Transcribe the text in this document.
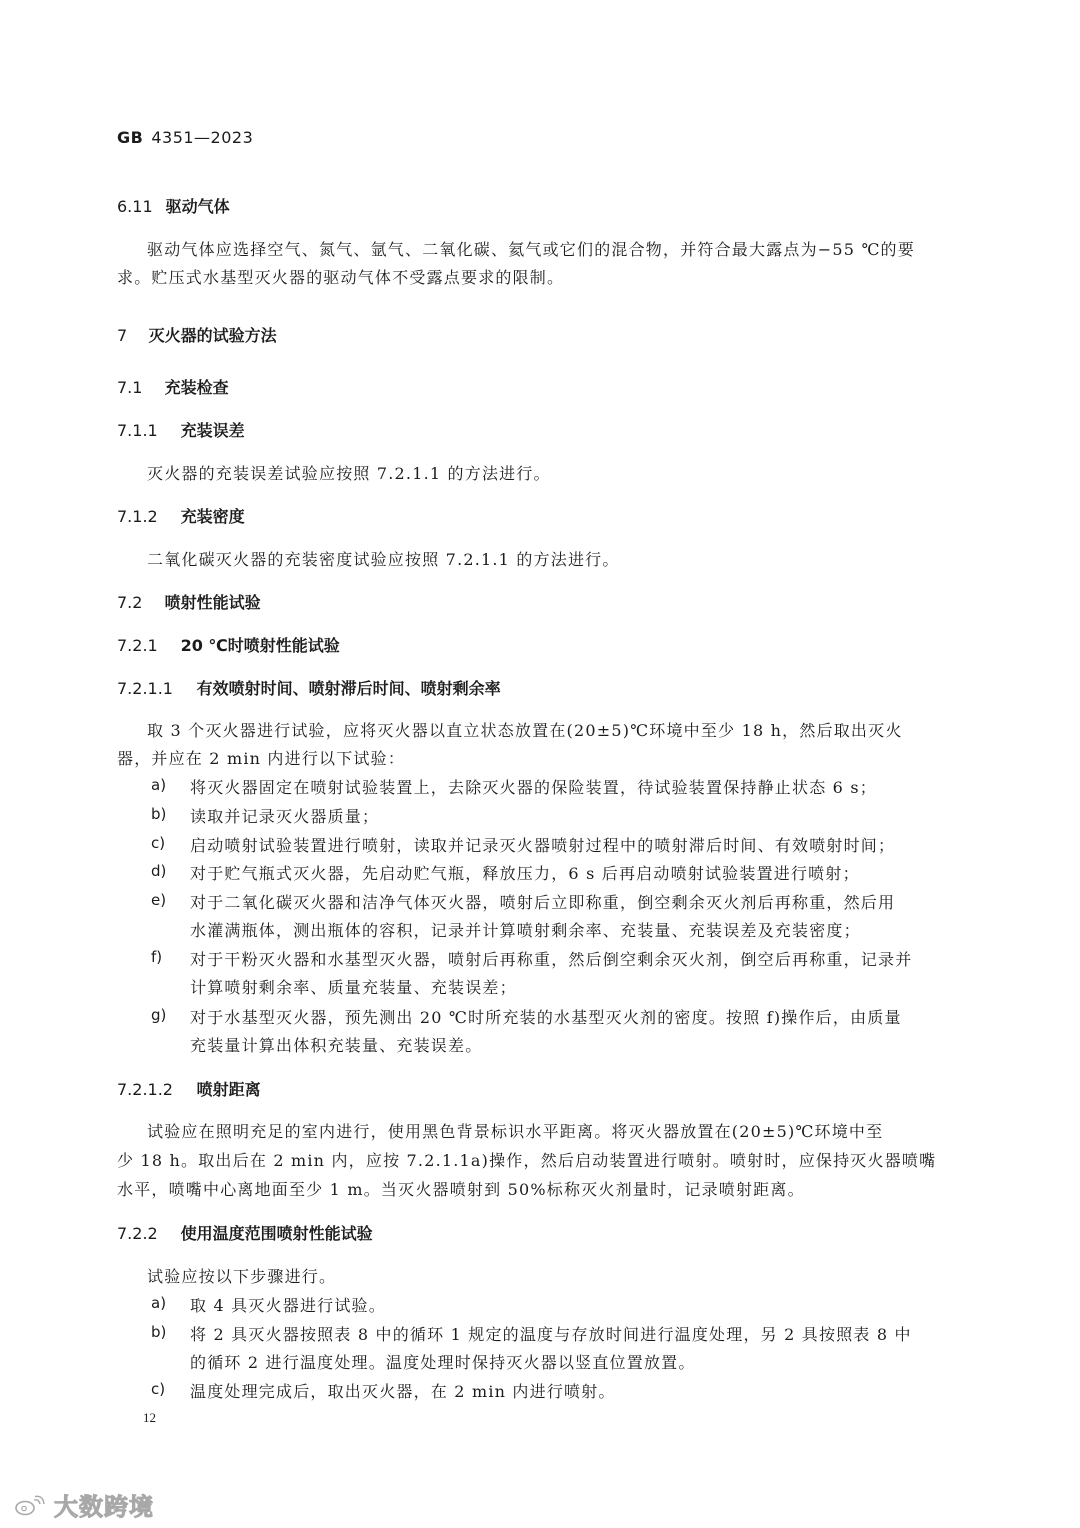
GB 4351—2023
6.11 驱动气体
驱动气体应选择空气、氮气、氩气、二氧化碳、氦气或它们的混合物，并符合最大露点为−55 ℃的要
求。贮压式水基型灭火器的驱动气体不受露点要求的限制。
7 灭火器的试验方法
7.1 充装检查
7.1.1 充装误差
灭火器的充装误差试验应按照 7.2.1.1 的方法进行。
7.1.2 充装密度
二氧化碳灭火器的充装密度试验应按照 7.2.1.1 的方法进行。
7.2 喷射性能试验
7.2.1 20 ℃时喷射性能试验
7.2.1.1 有效喷射时间、喷射滞后时间、喷射剩余率
取 3 个灭火器进行试验，应将灭火器以直立状态放置在(20±5)℃环境中至少 18 h，然后取出灭火
器，并应在 2 min 内进行以下试验：
a) 将灭火器固定在喷射试验装置上，去除灭火器的保险装置，待试验装置保持静止状态 6 s；
b) 读取并记录灭火器质量；
c) 启动喷射试验装置进行喷射，读取并记录灭火器喷射过程中的喷射滞后时间、有效喷射时间；
d) 对于贮气瓶式灭火器，先启动贮气瓶，释放压力，6 s 后再启动喷射试验装置进行喷射；
e) 对于二氧化碳灭火器和洁净气体灭火器，喷射后立即称重，倒空剩余灭火剂后再称重，然后用
水灌满瓶体，测出瓶体的容积，记录并计算喷射剩余率、充装量、充装误差及充装密度；
f) 对于干粉灭火器和水基型灭火器，喷射后再称重，然后倒空剩余灭火剂，倒空后再称重，记录并
计算喷射剩余率、质量充装量、充装误差；
g) 对于水基型灭火器，预先测出 20 ℃时所充装的水基型灭火剂的密度。按照 f)操作后，由质量
充装量计算出体积充装量、充装误差。
7.2.1.2 喷射距离
试验应在照明充足的室内进行，使用黑色背景标识水平距离。将灭火器放置在(20±5)℃环境中至
少 18 h。取出后在 2 min 内，应按 7.2.1.1a)操作，然后启动装置进行喷射。喷射时，应保持灭火器喷嘴
水平，喷嘴中心离地面至少 1 m。当灭火器喷射到 50%标称灭火剂量时，记录喷射距离。
7.2.2 使用温度范围喷射性能试验
试验应按以下步骤进行。
a) 取 4 具灭火器进行试验。
b) 将 2 具灭火器按照表 8 中的循环 1 规定的温度与存放时间进行温度处理，另 2 具按照表 8 中
的循环 2 进行温度处理。温度处理时保持灭火器以竖直位置放置。
c) 温度处理完成后，取出灭火器，在 2 min 内进行喷射。
12
大数跨境
